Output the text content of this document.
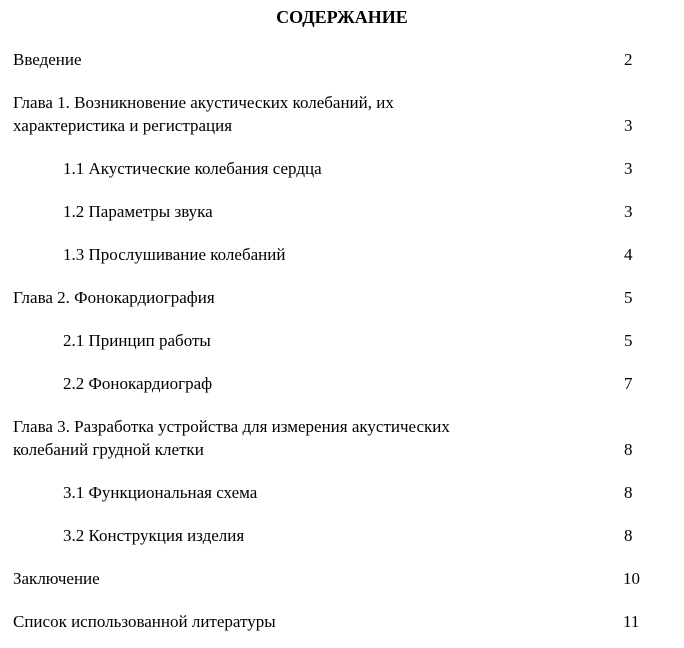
СОДЕРЖАНИЕ
Введение	2
Глава 1. Возникновение акустических колебаний, их
характеристика и регистрация	3
1.1 Акустические колебания сердца	3
1.2 Параметры звука	3
1.3 Прослушивание колебаний	4
Глава 2. Фонокардиография	5
2.1 Принцип работы	5
2.2 Фонокардиограф	7
Глава 3. Разработка устройства для измерения акустических
колебаний грудной клетки	8
3.1 Функциональная схема	8
3.2 Конструкция изделия	8
Заключение	10
Список использованной литературы	11
